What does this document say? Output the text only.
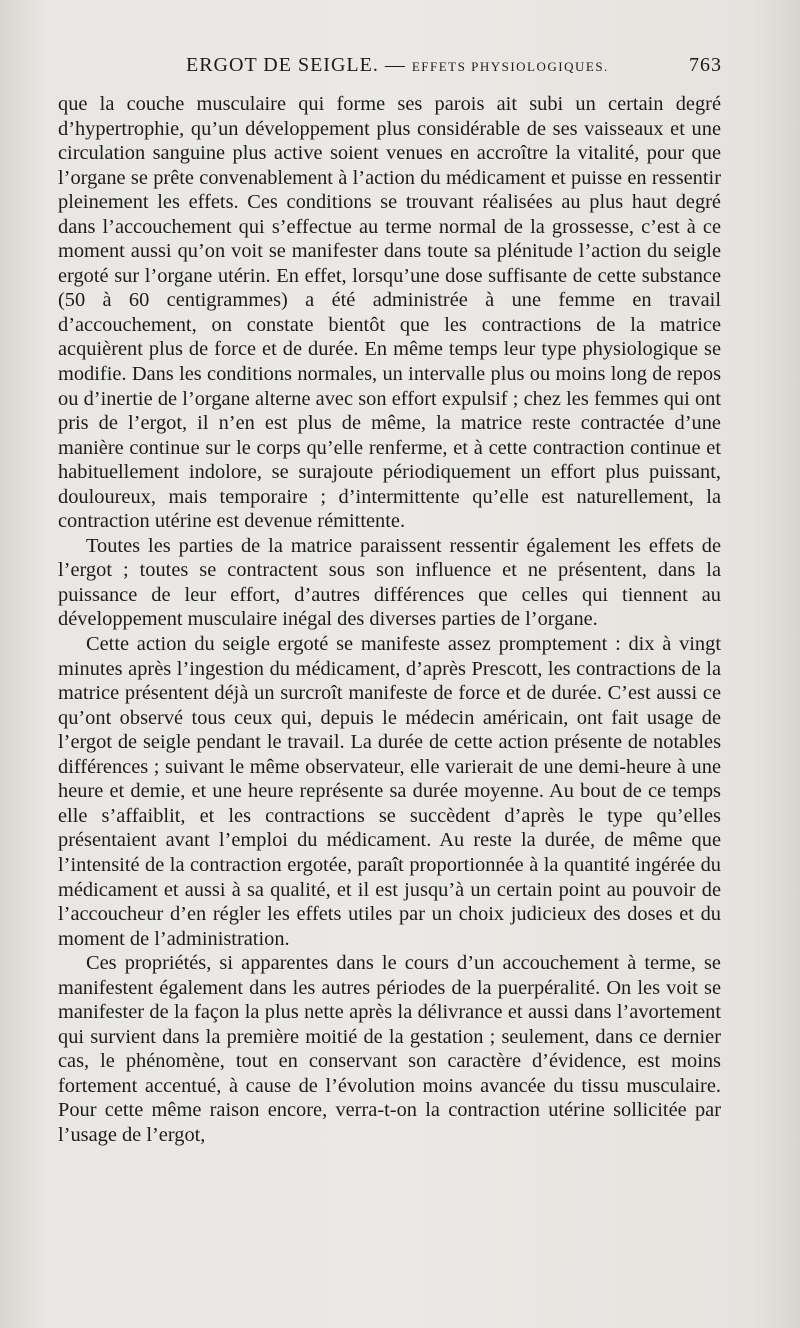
ERGOT DE SEIGLE. — EFFETS PHYSIOLOGIQUES.	763

que la couche musculaire qui forme ses parois ait subi un certain degré d’hypertrophie, qu’un développement plus considérable de ses vaisseaux et une circulation sanguine plus active soient venues en accroître la vitalité, pour que l’organe se prête convenablement à l’action du médicament et puisse en ressentir pleinement les effets. Ces conditions se trouvant réalisées au plus haut degré dans l’accouchement qui s’effectue au terme normal de la grossesse, c’est à ce moment aussi qu’on voit se manifester dans toute sa plénitude l’action du seigle ergoté sur l’organe utérin. En effet, lorsqu’une dose suffisante de cette substance (50 à 60 centigrammes) a été administrée à une femme en travail d’accouchement, on constate bientôt que les contractions de la matrice acquièrent plus de force et de durée. En même temps leur type physiologique se modifie. Dans les conditions normales, un intervalle plus ou moins long de repos ou d’inertie de l’organe alterne avec son effort expulsif ; chez les femmes qui ont pris de l’ergot, il n’en est plus de même, la matrice reste contractée d’une manière continue sur le corps qu’elle renferme, et à cette contraction continue et habituellement indolore, se surajoute périodiquement un effort plus puissant, douloureux, mais temporaire ; d’intermittente qu’elle est naturellement, la contraction utérine est devenue rémittente.

Toutes les parties de la matrice paraissent ressentir également les effets de l’ergot ; toutes se contractent sous son influence et ne présentent, dans la puissance de leur effort, d’autres différences que celles qui tiennent au développement musculaire inégal des diverses parties de l’organe.

Cette action du seigle ergoté se manifeste assez promptement : dix à vingt minutes après l’ingestion du médicament, d’après Prescott, les contractions de la matrice présentent déjà un surcroît manifeste de force et de durée. C’est aussi ce qu’ont observé tous ceux qui, depuis le médecin américain, ont fait usage de l’ergot de seigle pendant le travail. La durée de cette action présente de notables différences ; suivant le même observateur, elle varierait de une demi-heure à une heure et demie, et une heure représente sa durée moyenne. Au bout de ce temps elle s’affaiblit, et les contractions se succèdent d’après le type qu’elles présentaient avant l’emploi du médicament. Au reste la durée, de même que l’intensité de la contraction ergotée, paraît proportionnée à la quantité ingérée du médicament et aussi à sa qualité, et il est jusqu’à un certain point au pouvoir de l’accoucheur d’en régler les effets utiles par un choix judicieux des doses et du moment de l’administration.

Ces propriétés, si apparentes dans le cours d’un accouchement à terme, se manifestent également dans les autres périodes de la puerpéralité. On les voit se manifester de la façon la plus nette après la délivrance et aussi dans l’avortement qui survient dans la première moitié de la gestation ; seulement, dans ce dernier cas, le phénomène, tout en conservant son caractère d’évidence, est moins fortement accentué, à cause de l’évolution moins avancée du tissu musculaire. Pour cette même raison encore, verra-t-on la contraction utérine sollicitée par l’usage de l’ergot,
